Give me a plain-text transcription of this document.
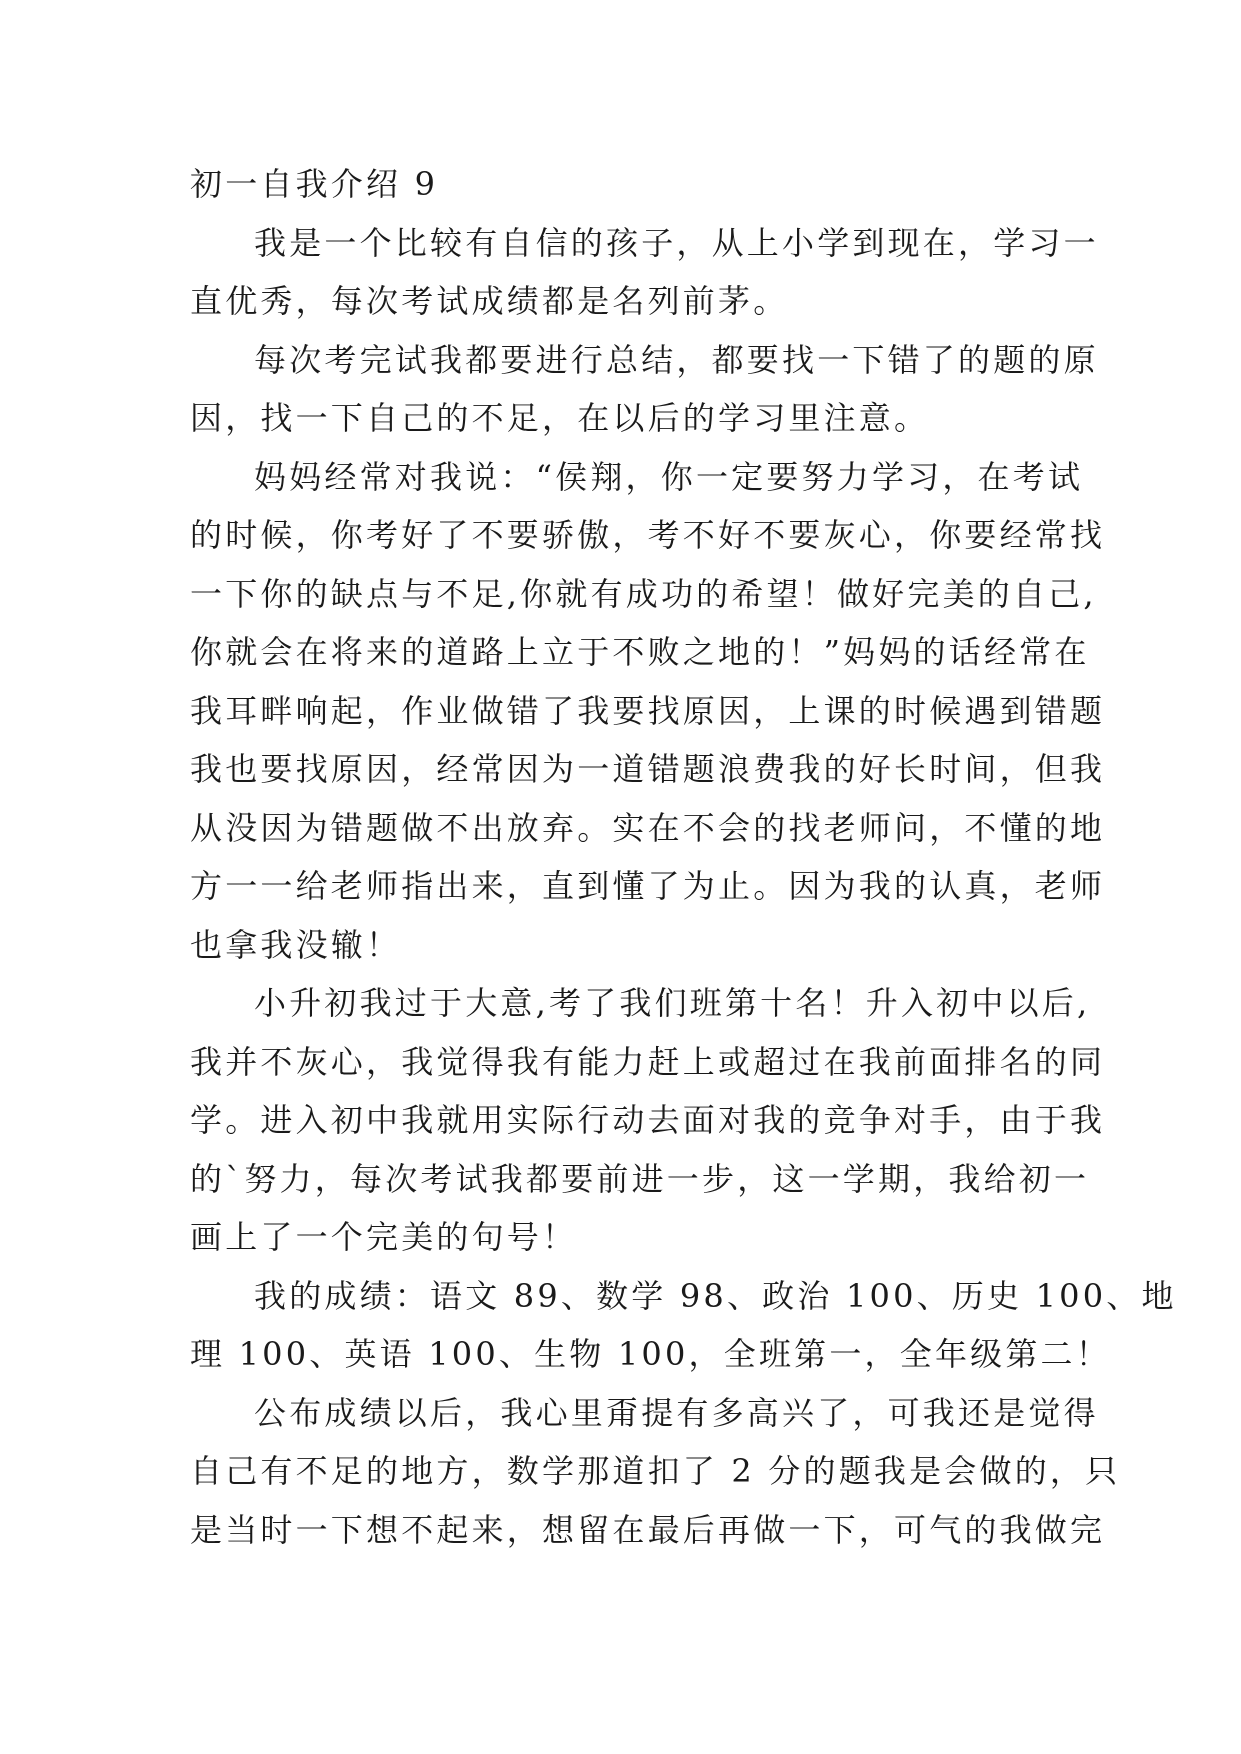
初一自我介绍 9

我是一个比较有自信的孩子，从上小学到现在，学习一
直优秀，每次考试成绩都是名列前茅。

每次考完试我都要进行总结，都要找一下错了的题的原
因，找一下自己的不足，在以后的学习里注意。

妈妈经常对我说：“侯翔，你一定要努力学习，在考试
的时候，你考好了不要骄傲，考不好不要灰心，你要经常找
一下你的缺点与不足,你就有成功的希望！做好完美的自己,
你就会在将来的道路上立于不败之地的！”妈妈的话经常在
我耳畔响起，作业做错了我要找原因，上课的时候遇到错题
我也要找原因，经常因为一道错题浪费我的好长时间，但我
从没因为错题做不出放弃。实在不会的找老师问，不懂的地
方一一给老师指出来，直到懂了为止。因为我的认真，老师
也拿我没辙！

小升初我过于大意,考了我们班第十名！升入初中以后,
我并不灰心，我觉得我有能力赶上或超过在我前面排名的同
学。进入初中我就用实际行动去面对我的竞争对手，由于我
的`努力，每次考试我都要前进一步，这一学期，我给初一
画上了一个完美的句号！

我的成绩：语文 89、数学 98、政治 100、历史 100、地
理 100、英语 100、生物 100，全班第一，全年级第二！

公布成绩以后，我心里甭提有多高兴了，可我还是觉得
自己有不足的地方，数学那道扣了 2 分的题我是会做的，只
是当时一下想不起来，想留在最后再做一下，可气的我做完
